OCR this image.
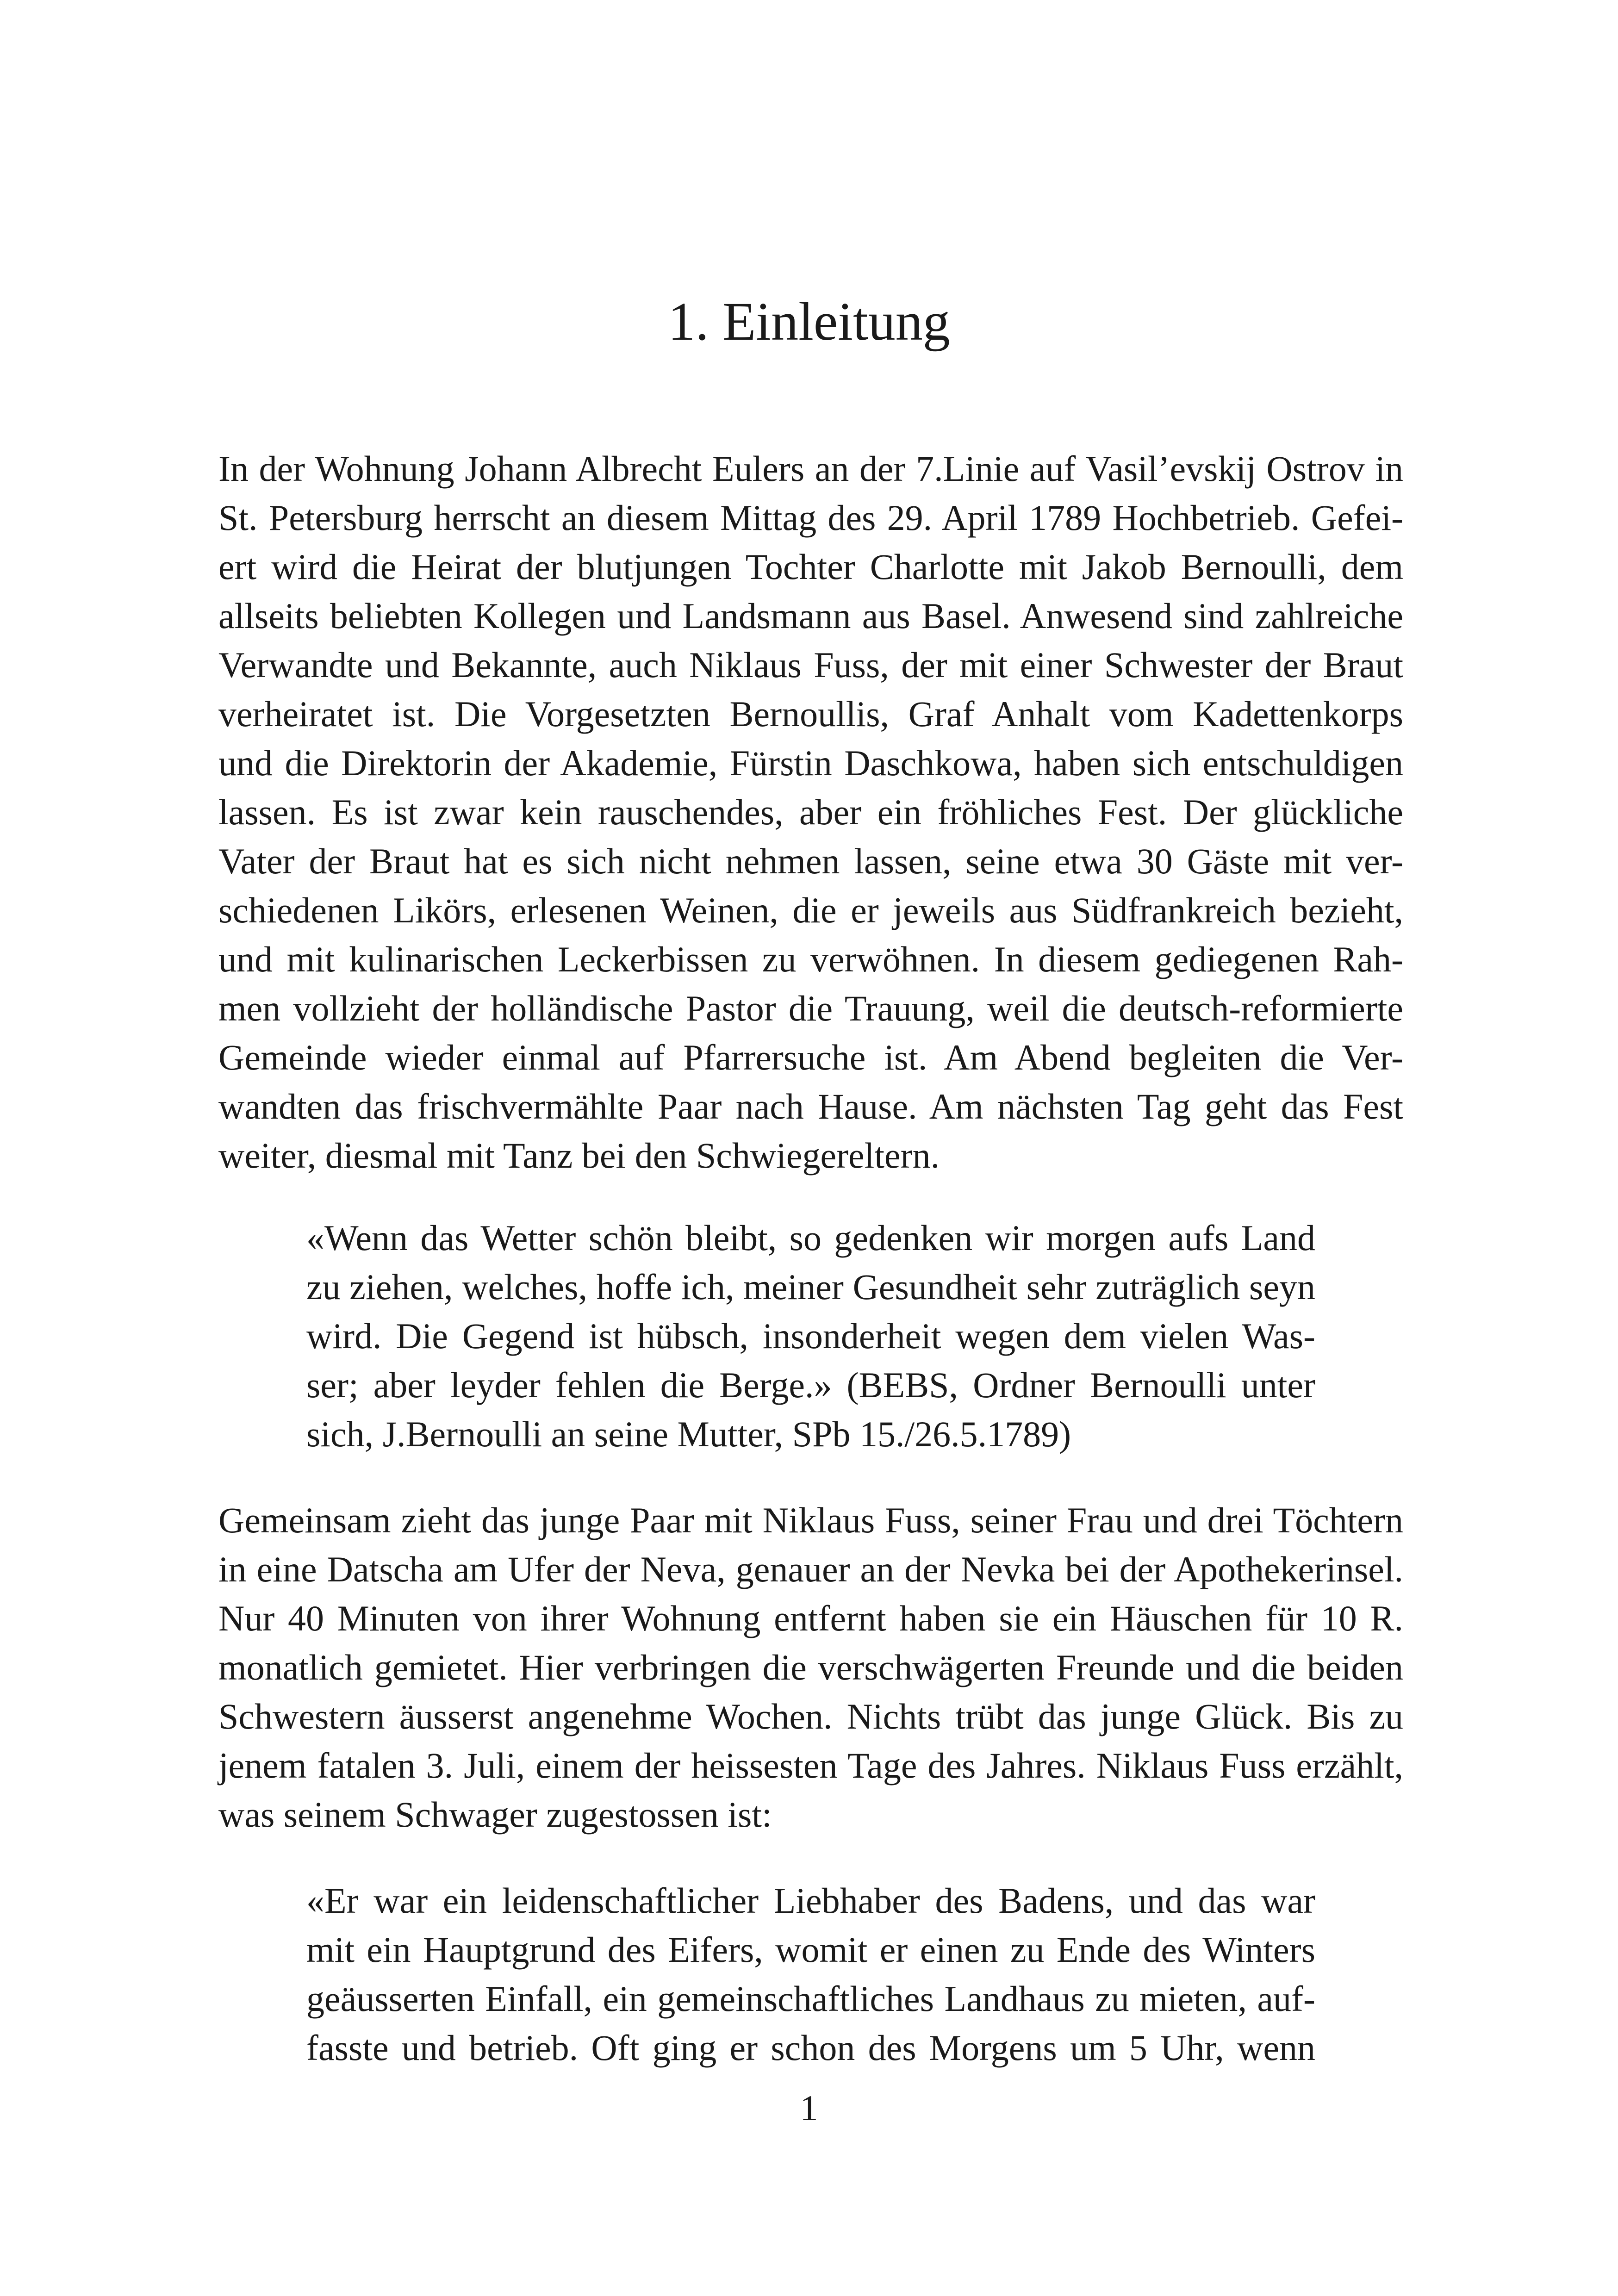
1. Einleitung
In der Wohnung Johann Albrecht Eulers an der 7.Linie auf Vasil’evskij Ostrov in
St. Petersburg herrscht an diesem Mittag des 29. April 1789 Hochbetrieb. Gefei-
ert wird die Heirat der blutjungen Tochter Charlotte mit Jakob Bernoulli, dem
allseits beliebten Kollegen und Landsmann aus Basel. Anwesend sind zahlreiche
Verwandte und Bekannte, auch Niklaus Fuss, der mit einer Schwester der Braut
verheiratet ist. Die Vorgesetzten Bernoullis, Graf Anhalt vom Kadettenkorps
und die Direktorin der Akademie, Fürstin Daschkowa, haben sich entschuldigen
lassen. Es ist zwar kein rauschendes, aber ein fröhliches Fest. Der glückliche
Vater der Braut hat es sich nicht nehmen lassen, seine etwa 30 Gäste mit ver-
schiedenen Likörs, erlesenen Weinen, die er jeweils aus Südfrankreich bezieht,
und mit kulinarischen Leckerbissen zu verwöhnen. In diesem gediegenen Rah-
men vollzieht der holländische Pastor die Trauung, weil die deutsch-reformierte
Gemeinde wieder einmal auf Pfarrersuche ist. Am Abend begleiten die Ver-
wandten das frischvermählte Paar nach Hause. Am nächsten Tag geht das Fest
weiter, diesmal mit Tanz bei den Schwiegereltern.
«Wenn das Wetter schön bleibt, so gedenken wir morgen aufs Land
zu ziehen, welches, hoffe ich, meiner Gesundheit sehr zuträglich seyn
wird. Die Gegend ist hübsch, insonderheit wegen dem vielen Was-
ser; aber leyder fehlen die Berge.» (BEBS, Ordner Bernoulli unter
sich, J.Bernoulli an seine Mutter, SPb 15./26.5.1789)
Gemeinsam zieht das junge Paar mit Niklaus Fuss, seiner Frau und drei Töchtern
in eine Datscha am Ufer der Neva, genauer an der Nevka bei der Apothekerinsel.
Nur 40 Minuten von ihrer Wohnung entfernt haben sie ein Häuschen für 10 R.
monatlich gemietet. Hier verbringen die verschwägerten Freunde und die beiden
Schwestern äusserst angenehme Wochen. Nichts trübt das junge Glück. Bis zu
jenem fatalen 3. Juli, einem der heissesten Tage des Jahres. Niklaus Fuss erzählt,
was seinem Schwager zugestossen ist:
«Er war ein leidenschaftlicher Liebhaber des Badens, und das war
mit ein Hauptgrund des Eifers, womit er einen zu Ende des Winters
geäusserten Einfall, ein gemeinschaftliches Landhaus zu mieten, auf-
fasste und betrieb. Oft ging er schon des Morgens um 5 Uhr, wenn
1
